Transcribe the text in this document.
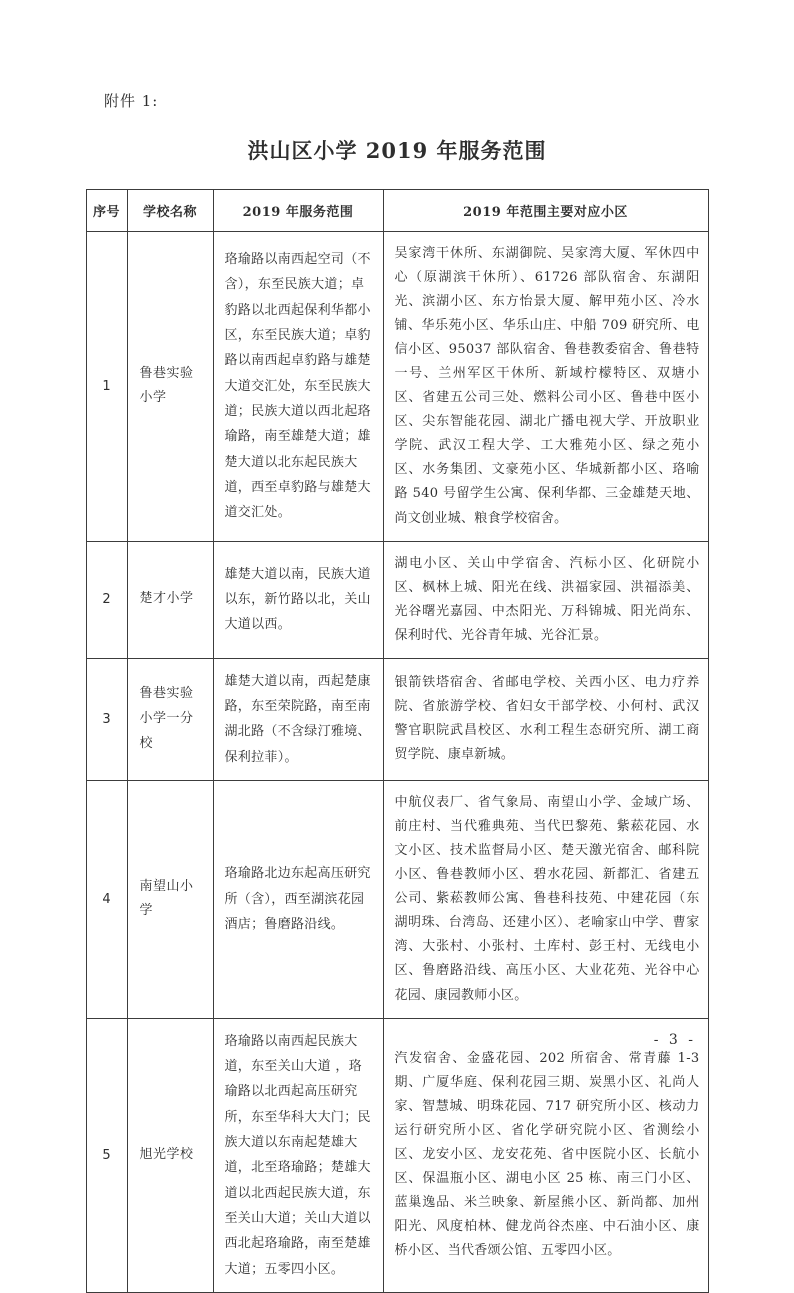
附件 1:
洪山区小学 2019 年服务范围
序号	学校名称	2019 年服务范围	2019 年范围主要对应小区
1	鲁巷实验小学	珞瑜路以南西起空司（不含），东至民族大道；卓豹路以北西起保利华都小区，东至民族大道；卓豹路以南西起卓豹路与雄楚大道交汇处，东至民族大道；民族大道以西北起珞瑜路，南至雄楚大道；雄楚大道以北东起民族大道，西至卓豹路与雄楚大道交汇处。	吴家湾干休所、东湖御院、吴家湾大厦、军休四中心（原湖滨干休所）、61726 部队宿舍、东湖阳光、滨湖小区、东方怡景大厦、解甲苑小区、冷水铺、华乐苑小区、华乐山庄、中船 709 研究所、电信小区、95037 部队宿舍、鲁巷教委宿舍、鲁巷特一号、兰州军区干休所、新域柠檬特区、双塘小区、省建五公司三处、燃料公司小区、鲁巷中医小区、尖东智能花园、湖北广播电视大学、开放职业学院、武汉工程大学、工大雅苑小区、绿之苑小区、水务集团、文豪苑小区、华城新都小区、珞喻路 540 号留学生公寓、保利华都、三金雄楚天地、尚文创业城、粮食学校宿舍。
2	楚才小学	雄楚大道以南，民族大道以东，新竹路以北，关山大道以西。	湖电小区、关山中学宿舍、汽标小区、化研院小区、枫林上城、阳光在线、洪福家园、洪福添美、光谷曙光嘉园、中杰阳光、万科锦城、阳光尚东、保利时代、光谷青年城、光谷汇景。
3	鲁巷实验小学一分校	雄楚大道以南，西起楚康路，东至荣院路，南至南湖北路（不含绿汀雅境、保利拉菲）。	银箭铁塔宿舍、省邮电学校、关西小区、电力疗养院、省旅游学校、省妇女干部学校、小何村、武汉警官职院武昌校区、水利工程生态研究所、湖工商贸学院、康卓新城。
4	南望山小学	珞瑜路北边东起高压研究所（含），西至湖滨花园酒店；鲁磨路沿线。	中航仪表厂、省气象局、南望山小学、金域广场、前庄村、当代雅典苑、当代巴黎苑、紫菘花园、水文小区、技术监督局小区、楚天激光宿舍、邮科院小区、鲁巷教师小区、碧水花园、新都汇、省建五公司、紫菘教师公寓、鲁巷科技苑、中建花园（东湖明珠、台湾岛、还建小区）、老喻家山中学、曹家湾、大张村、小张村、土库村、彭王村、无线电小区、鲁磨路沿线、高压小区、大业花苑、光谷中心花园、康园教师小区。
5	旭光学校	珞瑜路以南西起民族大道，东至关山大道 ，珞瑜路以北西起高压研究所，东至华科大大门；民族大道以东南起楚雄大道，北至珞瑜路；楚雄大道以北西起民族大道，东至关山大道；关山大道以西北起珞瑜路，南至楚雄大道；五零四小区。	汽发宿舍、金盛花园、202 所宿舍、常青藤 1-3 期、广厦华庭、保利花园三期、炭黑小区、礼尚人家、智慧城、明珠花园、717 研究所小区、核动力运行研究所小区、省化学研究院小区、省测绘小区、龙安小区、龙安花苑、省中医院小区、长航小区、保温瓶小区、湖电小区 25 栋、南三门小区、蓝巢逸品、米兰映象、新屋熊小区、新尚都、加州阳光、风度柏林、健龙尚谷杰座、中石油小区、康桥小区、当代香颂公馆、五零四小区。
- 3 -
